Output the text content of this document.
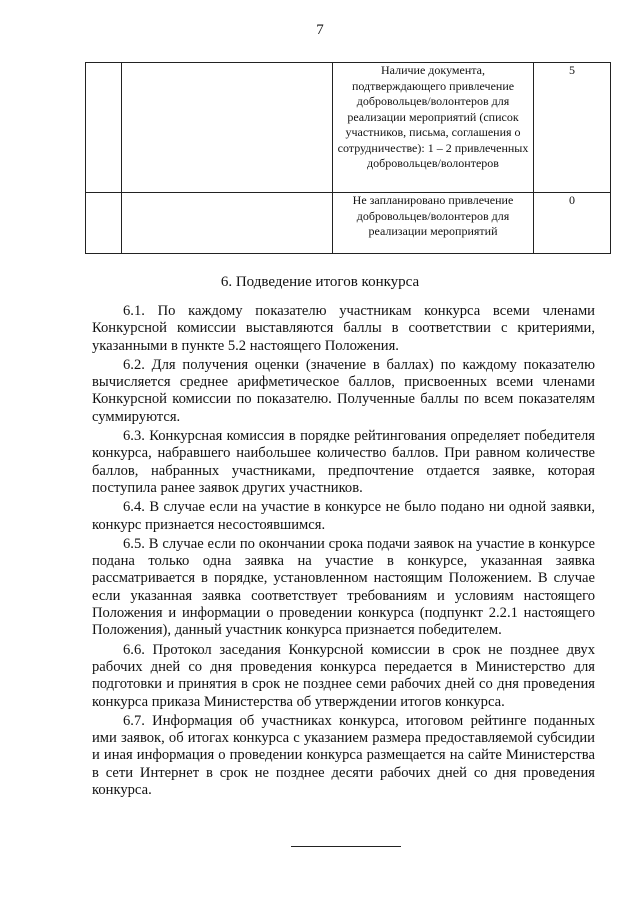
7
		Наличие документа, подтверждающего привлечение добровольцев/волонтеров для реализации мероприятий (список участников, письма, соглашения о сотрудничестве): 1 – 2 привлеченных добровольцев/волонтеров	5
		Не запланировано привлечение добровольцев/волонтеров для реализации мероприятий	0
6. Подведение итогов конкурса

6.1. По каждому показателю участникам конкурса всеми членами Конкурсной комиссии выставляются баллы в соответствии с критериями, указанными в пункте 5.2 настоящего Положения.

6.2. Для получения оценки (значение в баллах) по каждому показателю вычисляется среднее арифметическое баллов, присвоенных всеми членами Конкурсной комиссии по показателю. Полученные баллы по всем показателям суммируются.

6.3. Конкурсная комиссия в порядке рейтингования определяет победителя конкурса, набравшего наибольшее количество баллов. При равном количестве баллов, набранных участниками, предпочтение отдается заявке, которая поступила ранее заявок других участников.

6.4. В случае если на участие в конкурсе не было подано ни одной заявки, конкурс признается несостоявшимся.

6.5. В случае если по окончании срока подачи заявок на участие в конкурсе подана только одна заявка на участие в конкурсе, указанная заявка рассматривается в порядке, установленном настоящим Положением. В случае если указанная заявка соответствует требованиям и условиям настоящего Положения и информации о проведении конкурса (подпункт 2.2.1 настоящего Положения), данный участник конкурса признается победителем.

6.6. Протокол заседания Конкурсной комиссии в срок не позднее двух рабочих дней со дня проведения конкурса передается в Министерство для подготовки и принятия в срок не позднее семи рабочих дней со дня проведения конкурса приказа Министерства об утверждении итогов конкурса.

6.7. Информация об участниках конкурса, итоговом рейтинге поданных ими заявок, об итогах конкурса с указанием размера предоставляемой субсидии и иная информация о проведении конкурса размещается на сайте Министерства в сети Интернет в срок не позднее десяти рабочих дней со дня проведения конкурса.
